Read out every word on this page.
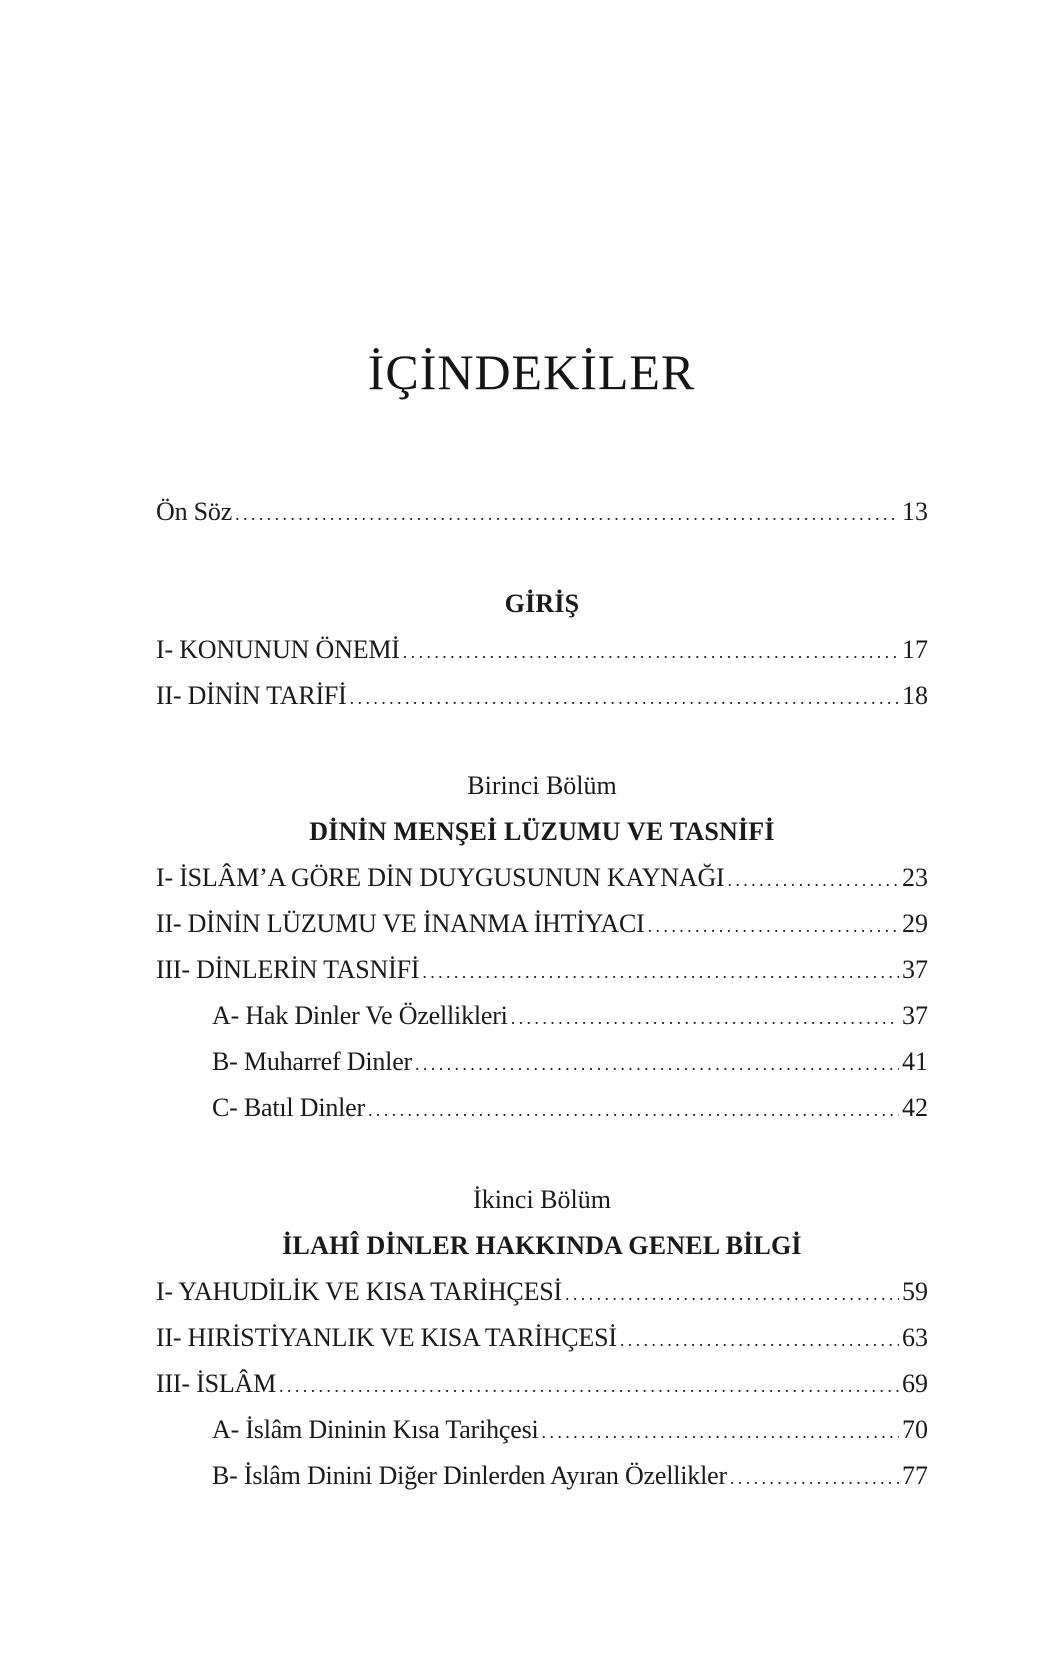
İÇİNDEKİLER
Ön Söz .....	13
GİRİŞ
I- KONUNUN ÖNEMİ .....	17
II- DİNİN TARİFİ .....	18
Birinci Bölüm
DİNİN MENŞEİ LÜZUMU VE TASNİFİ
I- İSLÂM’A GÖRE DİN DUYGUSUNUN KAYNAĞI .....	23
II- DİNİN LÜZUMU VE İNANMA İHTİYACI .....	29
III- DİNLERİN TASNİFİ .....	37
A- Hak Dinler Ve Özellikleri .....	37
B- Muharref Dinler .....	41
C- Batıl Dinler .....	42
İkinci Bölüm
İLAHÎ DİNLER HAKKINDA GENEL BİLGİ
I- YAHUDİLİK VE KISA TARİHÇESİ .....	59
II- HIRİSTİYANLIK VE KISA TARİHÇESİ .....	63
III- İSLÂM .....	69
A- İslâm Dininin Kısa Tarihçesi .....	70
B- İslâm Dinini Diğer Dinlerden Ayıran Özellikler .....	77
